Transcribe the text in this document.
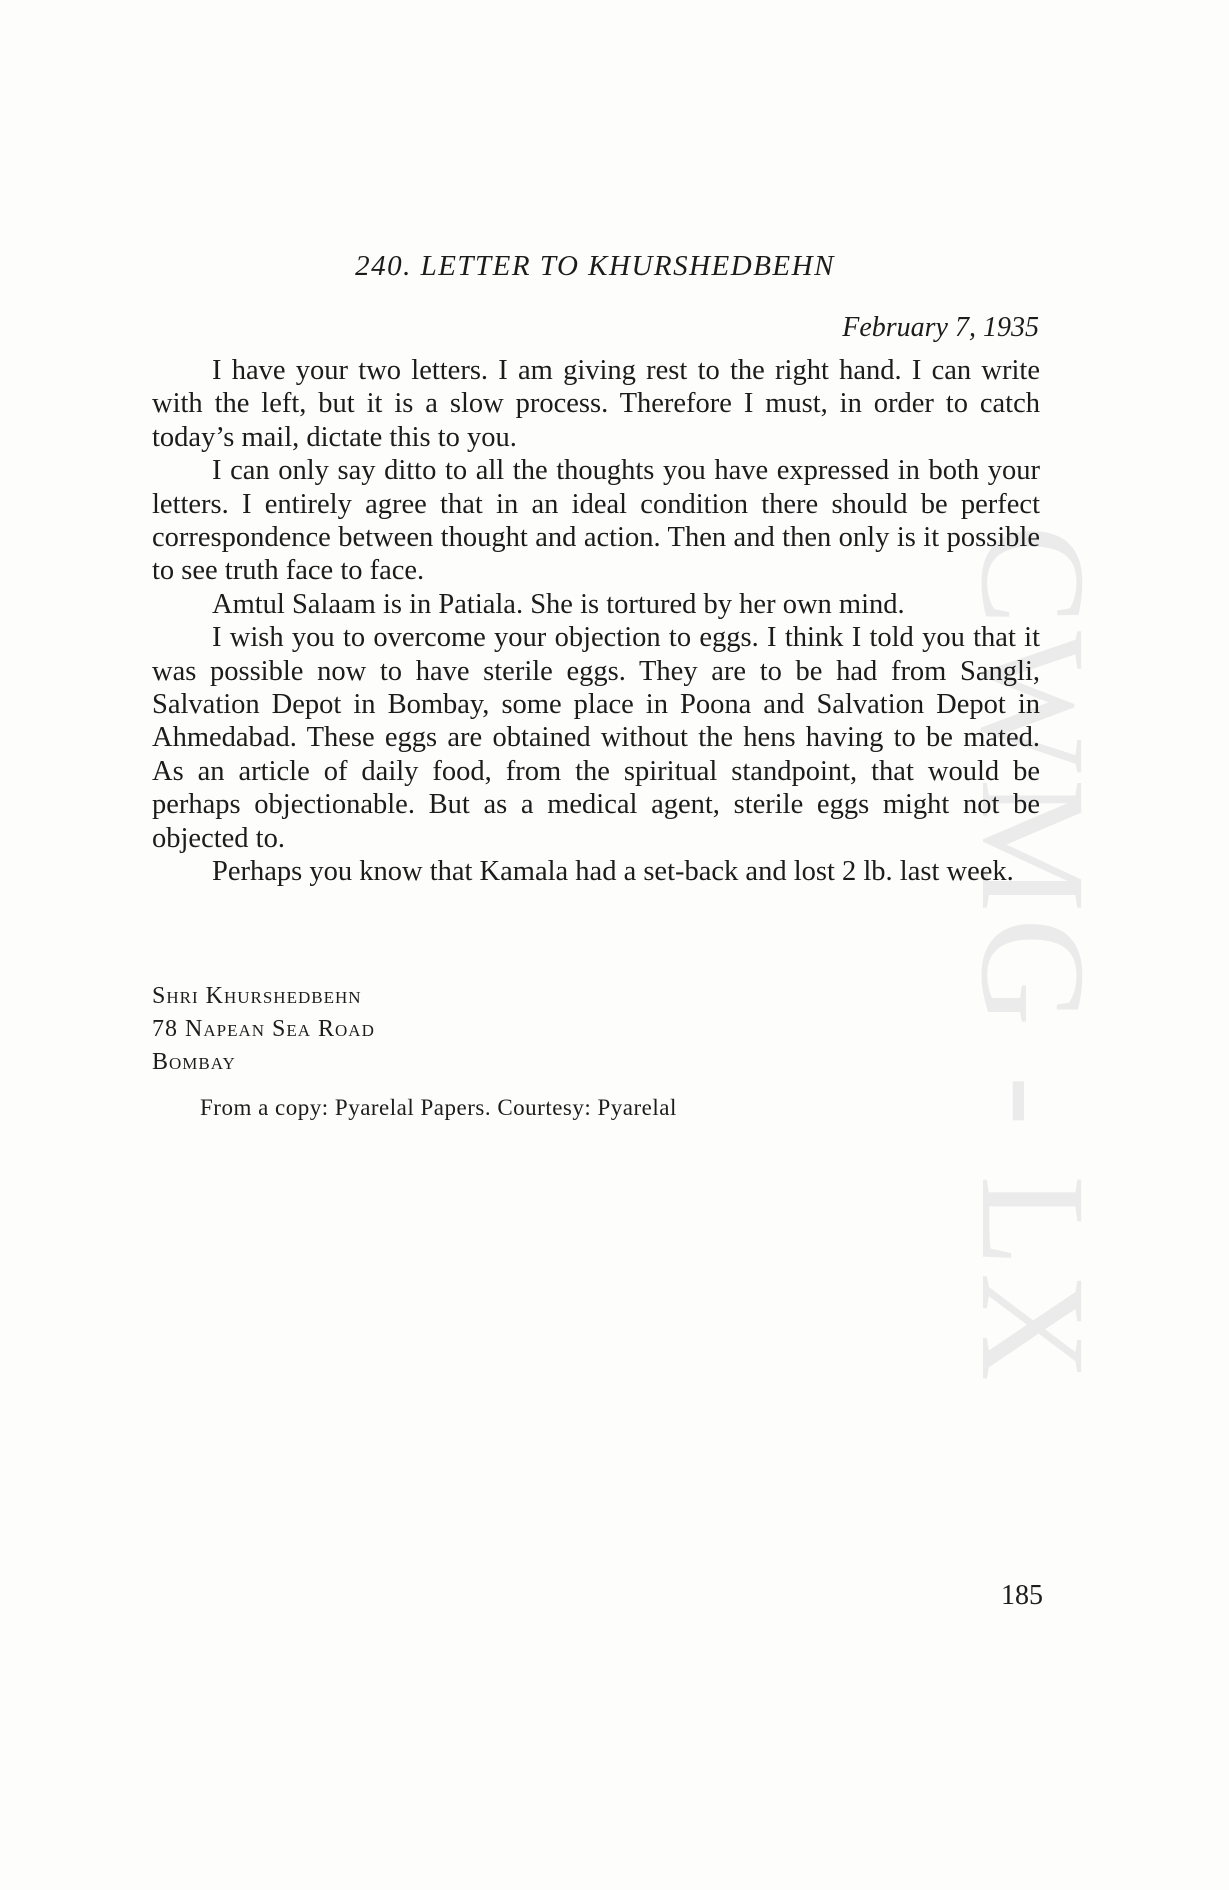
CWMG - LX
240. LETTER TO KHURSHEDBEHN

February 7, 1935

I have your two letters. I am giving rest to the right hand. I can write with the left, but it is a slow process. Therefore I must, in order to catch today’s mail, dictate this to you.

I can only say ditto to all the thoughts you have expressed in both your letters. I entirely agree that in an ideal condition there should be perfect correspondence between thought and action. Then and then only is it possible to see truth face to face.

Amtul Salaam is in Patiala. She is tortured by her own mind.

I wish you to overcome your objection to eggs. I think I told you that it was possible now to have sterile eggs. They are to be had from Sangli, Salvation Depot in Bombay, some place in Poona and Salvation Depot in Ahmedabad. These eggs are obtained without the hens having to be mated. As an article of daily food, from the spiritual standpoint, that would be perhaps objectionable. But as a medical agent, sterile eggs might not be objected to.

Perhaps you know that Kamala had a set-back and lost 2 lb. last week.

Shri Khurshedbehn
78 Napean Sea Road
Bombay

From a copy: Pyarelal Papers. Courtesy: Pyarelal

185
